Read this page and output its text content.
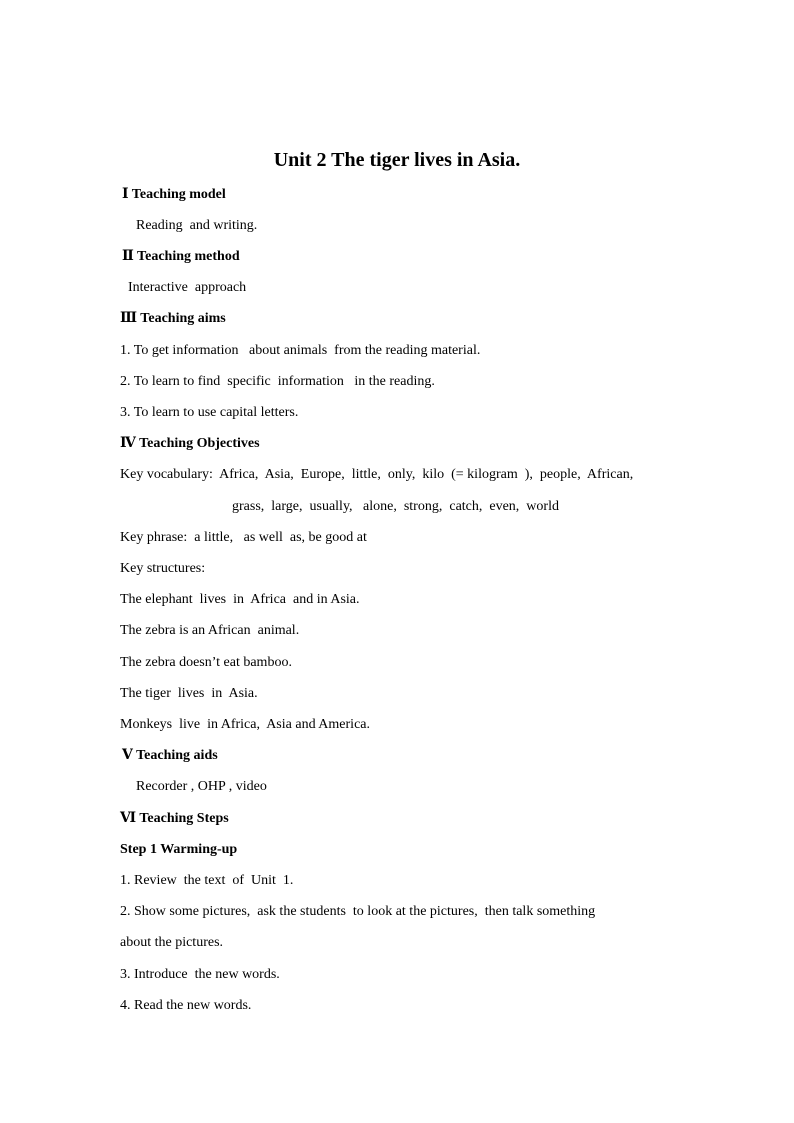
Unit 2 The tiger lives in Asia.
Ⅰ Teaching model
Reading  and writing.
Ⅱ Teaching method
Interactive  approach
Ⅲ Teaching aims
1. To get information   about animals  from the reading material.
2. To learn to find  specific  information   in the reading.
3. To learn to use capital letters.
Ⅳ Teaching Objectives
Key vocabulary:  Africa,  Asia,  Europe,  little,  only,  kilo  (= kilogram  ),  people,  African,
grass,  large,  usually,   alone,  strong,  catch,  even,  world
Key phrase:  a little,   as well  as, be good at
Key structures:
The elephant  lives  in  Africa  and in Asia.
The zebra is an African  animal.
The zebra doesn’t eat bamboo.
The tiger  lives  in  Asia.
Monkeys  live  in Africa,  Asia and America.
Ⅴ Teaching aids
Recorder , OHP , video
Ⅵ Teaching Steps
Step 1 Warming-up
1. Review  the text  of  Unit  1.
2. Show some pictures,  ask the students  to look at the pictures,  then talk something
about the pictures.
3. Introduce  the new words.
4. Read the new words.
